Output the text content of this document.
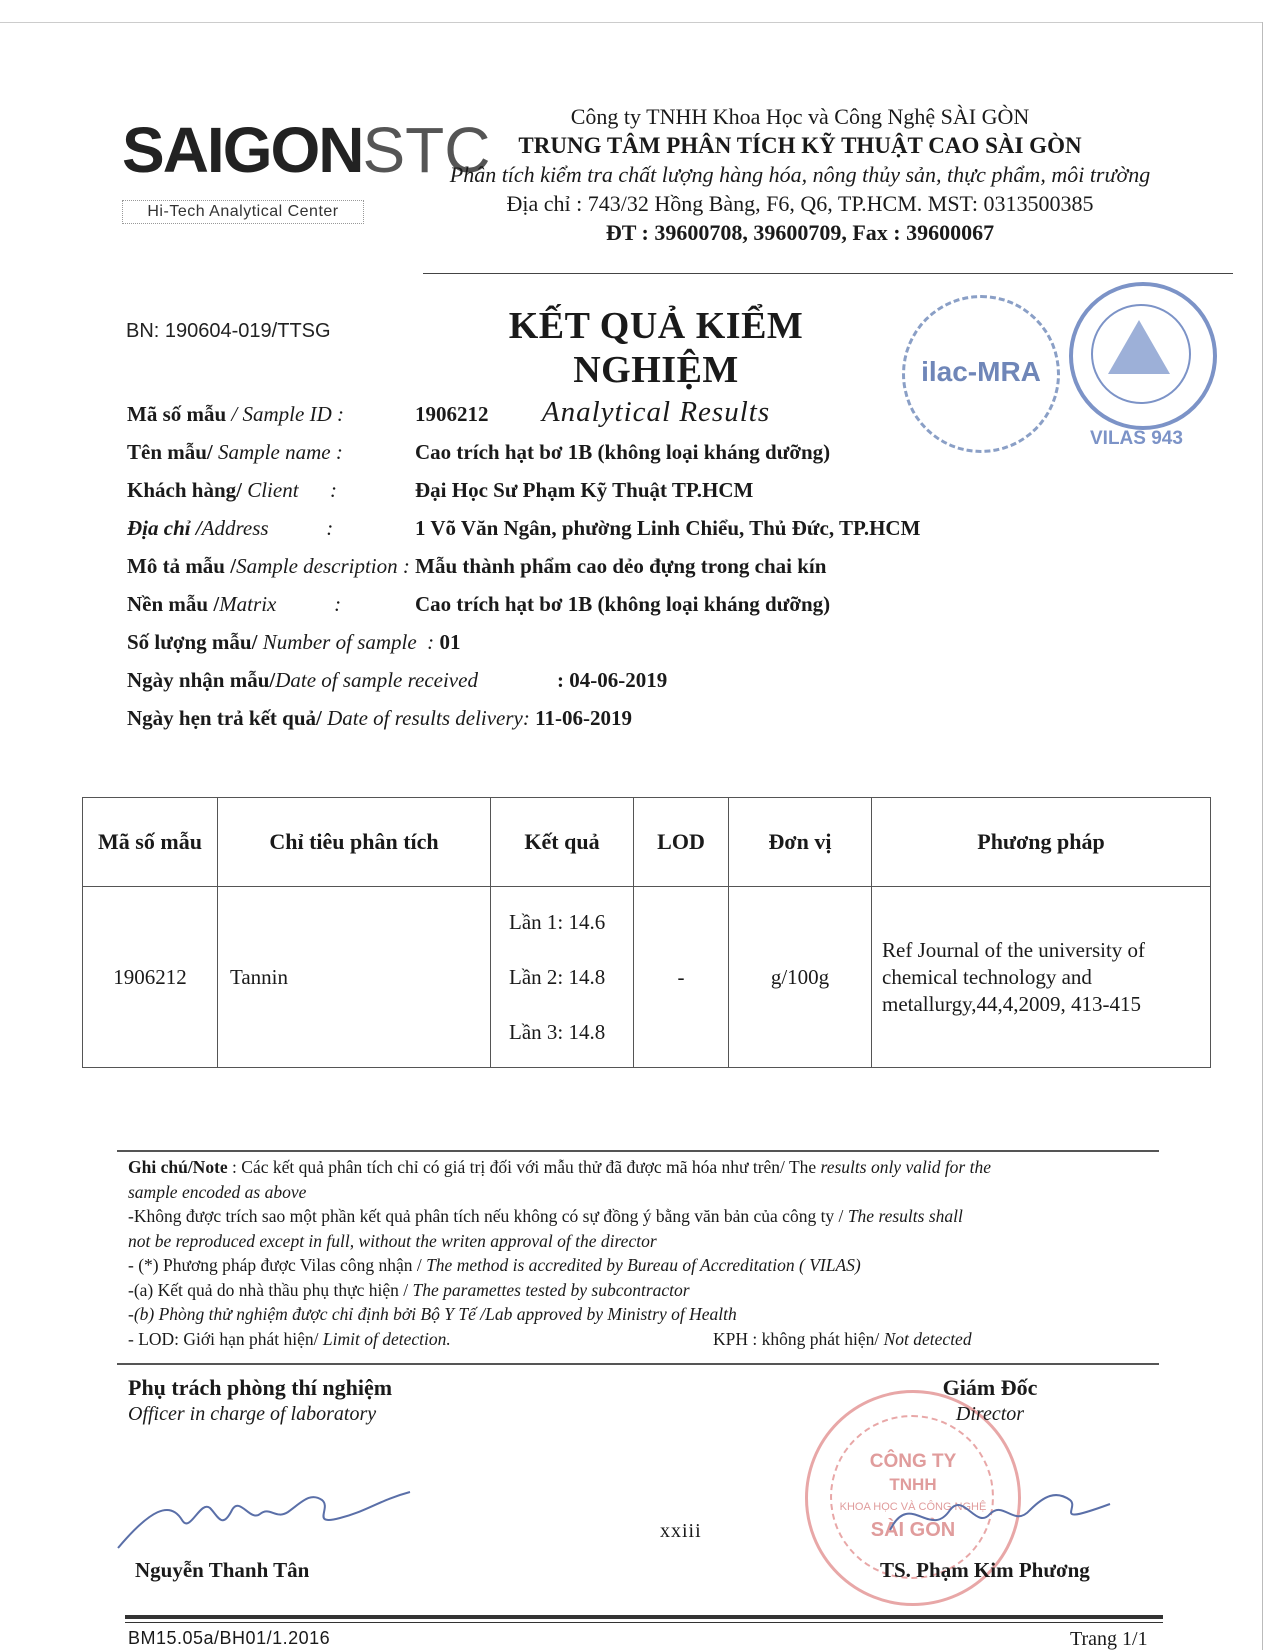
SAIGONSTC
Hi-Tech Analytical Center
Công ty TNHH Khoa Học và Công Nghệ SÀI GÒN
TRUNG TÂM PHÂN TÍCH KỸ THUẬT CAO SÀI GÒN
Phân tích kiểm tra chất lượng hàng hóa, nông thủy sản, thực phẩm, môi trường
Địa chỉ : 743/32 Hồng Bàng, F6, Q6, TP.HCM. MST: 0313500385
ĐT : 39600708, 39600709, Fax : 39600067
ilac-MRA
VILAS 943
BN: 190604-019/TTSG	KẾT QUẢ KIỂM NGHIỆM
Analytical Results
Mã số mẫu / Sample ID :	1906212
Tên mẫu/ Sample name :	Cao trích hạt bơ 1B (không loại kháng dưỡng)
Khách hàng/ Client      :	Đại Học Sư Phạm Kỹ Thuật TP.HCM
Địa chỉ /Address           :	1 Võ Văn Ngân, phường Linh Chiểu, Thủ Đức, TP.HCM
Mô tả mẫu /Sample description : Mẫu thành phẩm cao dẻo đựng trong chai kín
Nền mẫu /Matrix           :	Cao trích hạt bơ 1B (không loại kháng dưỡng)
Số lượng mẫu/ Number of sample  : 01
Ngày nhận mẫu/Date of sample received	: 04-06-2019
Ngày hẹn trả kết quả/ Date of results delivery: 11-06-2019
Mã số mẫu	Chỉ tiêu phân tích	Kết quả	LOD	Đơn vị	Phương pháp
1906212	Tannin	Lần 1: 14.6
Lần 2: 14.8
Lần 3: 14.8	-	g/100g	Ref Journal of the university of chemical technology and metallurgy,44,4,2009, 413-415
Ghi chú/Note : Các kết quả phân tích chỉ có giá trị đối với mẫu thử đã được mã hóa như trên/ The results only valid for the
sample encoded as above
-Không được trích sao một phần kết quả phân tích nếu không có sự đồng ý bằng văn bản của công ty / The results shall
not be reproduced except in full, without the writen approval of the director
- (*) Phương pháp được Vilas công nhận / The method is accredited by Bureau of Accreditation ( VILAS)
-(a) Kết quả do nhà thầu phụ thực hiện / The paramettes tested by subcontractor
-(b) Phòng thử nghiệm được chỉ định bởi Bộ Y Tế /Lab approved by Ministry of Health
- LOD: Giới hạn phát hiện/ Limit of detection.	KPH : không phát hiện/ Not detected
Phụ trách phòng thí nghiệm
Officer in charge of laboratory
Nguyễn Thanh Tân
CÔNG TY
TNHH
KHOA HỌC VÀ CÔNG NGHỆ
SÀI GÒN
Giám Đốc
Director
TS. Phạm Kim Phương
xxiii
BM15.05a/BH01/1.2016	Trang 1/1
